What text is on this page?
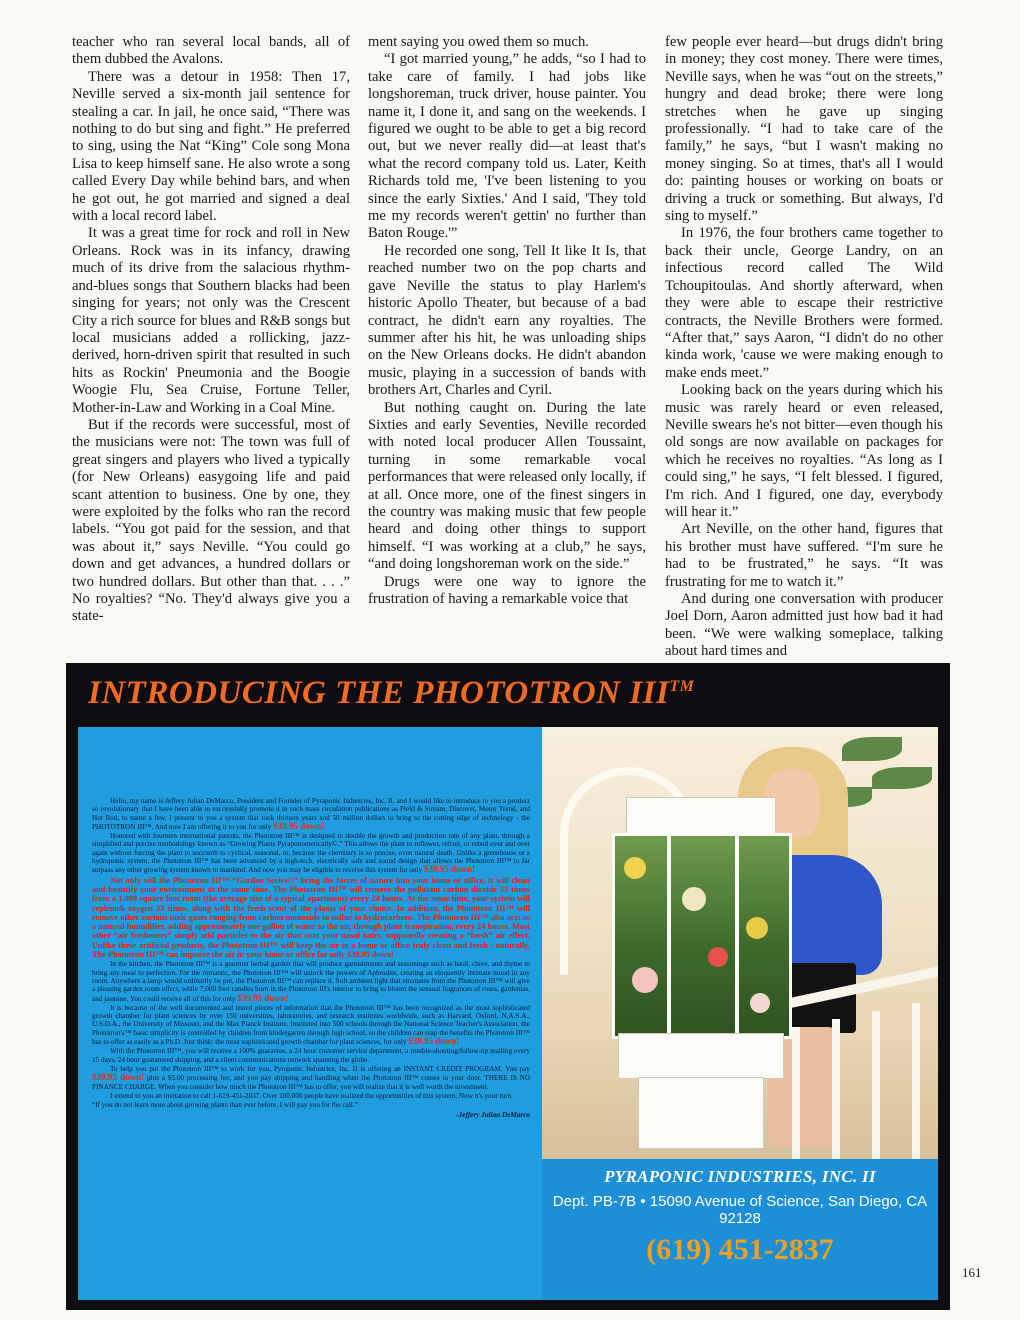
teacher who ran several local bands, all of them dubbed the Avalons.

There was a detour in 1958: Then 17, Neville served a six-month jail sentence for stealing a car. In jail, he once said, “There was nothing to do but sing and fight.” He preferred to sing, using the Nat “King” Cole song Mona Lisa to keep himself sane. He also wrote a song called Every Day while behind bars, and when he got out, he got married and signed a deal with a local record label.

It was a great time for rock and roll in New Orleans. Rock was in its infancy, drawing much of its drive from the salacious rhythm-and-blues songs that Southern blacks had been singing for years; not only was the Crescent City a rich source for blues and R&B songs but local musicians added a rollicking, jazz-derived, horn-driven spirit that resulted in such hits as Rockin' Pneumonia and the Boogie Woogie Flu, Sea Cruise, Fortune Teller, Mother-in-Law and Working in a Coal Mine.

But if the records were successful, most of the musicians were not: The town was full of great singers and players who lived a typically (for New Orleans) easygoing life and paid scant attention to business. One by one, they were exploited by the folks who ran the record labels. “You got paid for the session, and that was about it,” says Neville. “You could go down and get advances, a hundred dollars or two hundred dollars. But other than that. . . .” No royalties? “No. They'd always give you a state-

ment saying you owed them so much.

“I got married young,” he adds, “so I had to take care of family. I had jobs like longshoreman, truck driver, house painter. You name it, I done it, and sang on the weekends. I figured we ought to be able to get a big record out, but we never really did—at least that's what the record company told us. Later, Keith Richards told me, 'I've been listening to you since the early Sixties.' And I said, 'They told me my records weren't gettin' no further than Baton Rouge.'”

He recorded one song, Tell It like It Is, that reached number two on the pop charts and gave Neville the status to play Harlem's historic Apollo Theater, but because of a bad contract, he didn't earn any royalties. The summer after his hit, he was unloading ships on the New Orleans docks. He didn't abandon music, playing in a succession of bands with brothers Art, Charles and Cyril.

But nothing caught on. During the late Sixties and early Seventies, Neville recorded with noted local producer Allen Toussaint, turning in some remarkable vocal performances that were released only locally, if at all. Once more, one of the finest singers in the country was making music that few people heard and doing other things to support himself. “I was working at a club,” he says, “and doing longshoreman work on the side.”

Drugs were one way to ignore the frustration of having a remarkable voice that

few people ever heard—but drugs didn't bring in money; they cost money. There were times, Neville says, when he was “out on the streets,” hungry and dead broke; there were long stretches when he gave up singing professionally. “I had to take care of the family,” he says, “but I wasn't making no money singing. So at times, that's all I would do: painting houses or working on boats or driving a truck or something. But always, I'd sing to myself.”

In 1976, the four brothers came together to back their uncle, George Landry, on an infectious record called The Wild Tchoupitoulas. And shortly afterward, when they were able to escape their restrictive contracts, the Neville Brothers were formed. “After that,” says Aaron, “I didn't do no other kinda work, 'cause we were making enough to make ends meet.”

Looking back on the years during which his music was rarely heard or even released, Neville swears he's not bitter—even though his old songs are now available on packages for which he receives no royalties. “As long as I could sing,” he says, “I felt blessed. I figured, I'm rich. And I figured, one day, everybody will hear it.”

Art Neville, on the other hand, figures that his brother must have suffered. “I'm sure he had to be frustrated,” he says. “It was frustrating for me to watch it.”

And during one conversation with producer Joel Dorn, Aaron admitted just how bad it had been. “We were walking someplace, talking about hard times and

INTRODUCING THE PHOTOTRON III™

Hello, my name is Jeffery Julian DeMarco, President and Founder of Pyraponic Industries, Inc. II, and I would like to introduce to you a product so revolutionary that I have been able to successfully promote it in such mass circulation publications as Field & Stream, Discover, Motor Trend, and Hot Rod, to name a few. I present to you a system that took thirteen years and 50 million dollars to bring to the cutting edge of technology - the PHOTOTRON III™. And now I am offering it to you for only $39.95 down!

Honored with fourteen international patents, the Phototron III™ is designed to double the growth and production rate of any plant, through a simplified and precise methodology known as “Growing Plants Pyraponomerically©.” This allows the plant to reflower, refruit, or rebud over and over again without forcing the plant to succumb to cyclical, seasonal, or, because the chemistry is so precise, even natural death. Unlike a greenhouse or a hydroponic system, the Phototron III™ has been advanced by a high-tech, electrically safe and sound design that allows the Phototron III™ to far surpass any other growing system known to mankind. And now you may be eligible to receive this system for only $39.95 down!

Not only will the Phototron III™ “Garden Series©” bring the forces of nature into your home or office, it will clean and beautify your environment at the same time. The Phototron III™ will remove the pollutant carbon dioxide 33 times from a 1,000 square foot room (the average size of a typical apartment) every 24 hours. At the same time, your system will replenish oxygen 33 times, along with the fresh scent of the plants of your choice. In addition, the Phototron III™ will remove other various toxic gases ranging from carbon monoxide to sulfur to hydrocarbons. The Phototron III™ also acts as a natural humidifier, adding approximately one gallon of water to the air, through plant transpiration, every 24 hours. Most other “air fresheners” simply add particles to the air that coat your nasal hairs, supposedly creating a “fresh” air effect. Unlike these artificial products, the Phototron III™ will keep the air in a home or office truly clean and fresh - naturally. The Phototron III™ can improve the air in your home or office for only $39.95 down!

In the kitchen, the Phototron III™ is a gourmet herbal garden that will produce garnishments and seasonings such as basil, chive, and thyme to bring any meal to perfection. For the romantic, the Phototron III™ will unlock the powers of Aphrodite, creating an eloquently intimate mood in any room. Anywhere a lamp would ordinarily be put, the Phototron III™ can replace it. Soft ambient light that emanates from the Phototron III™ will give a pleasing garden room effect, while 7,000 foot candles burn in the Phototron III's interior to bring to bloom the sensual fragrances of roses, gardenias, and jasmine. You could receive all of this for only $39.95 down!

It is because of the well documented and tested pieces of information that the Phototron III™ has been recognized as the most sophisticated growth chamber for plant sciences by over 150 universities, laboratories, and research institutes worldwide, such as Harvard, Oxford, N.A.S.A., U.S.D.A., the University of Missouri, and the Max Planck Institute. Instituted into 500 schools through the National Science Teacher's Association, the Phototron's™ basic simplicity is controlled by children from kindergarten through high school, so the children can reap the benefits the Phototron III™ has to offer as easily as a Ph.D. Just think: the most sophisticated growth chamber for plant sciences, for only $39.95 down!

With the Phototron III™, you will receive a 100% guarantee, a 24 hour customer service department, a trouble-shooting/follow-up mailing every 15 days, 24 hour guaranteed shipping, and a client communications network spanning the globe.

To help you put the Phototron III™ to work for you, Pyraponic Industries, Inc. II is offering an INSTANT CREDIT PROGRAM. You pay $39.95 down! plus a $5.00 processing fee, and you pay shipping and handling when the Phototron III™ comes to your door. THERE IS NO FINANCE CHARGE. When you consider how much the Phototron III™ has to offer, you will realize that it is well worth the investment.

I extend to you an invitation to call 1-619-451-2837. Over 100,000 people have realized the opportunities of this system. Now it's your turn.

“If you do not learn more about growing plants than ever before, I will pay you for the call.”

-Jeffery Julian DeMarco
PYRAPONIC INDUSTRIES, INC. II
Dept. PB-7B • 15090 Avenue of Science, San Diego, CA 92128
(619) 451-2837
161
